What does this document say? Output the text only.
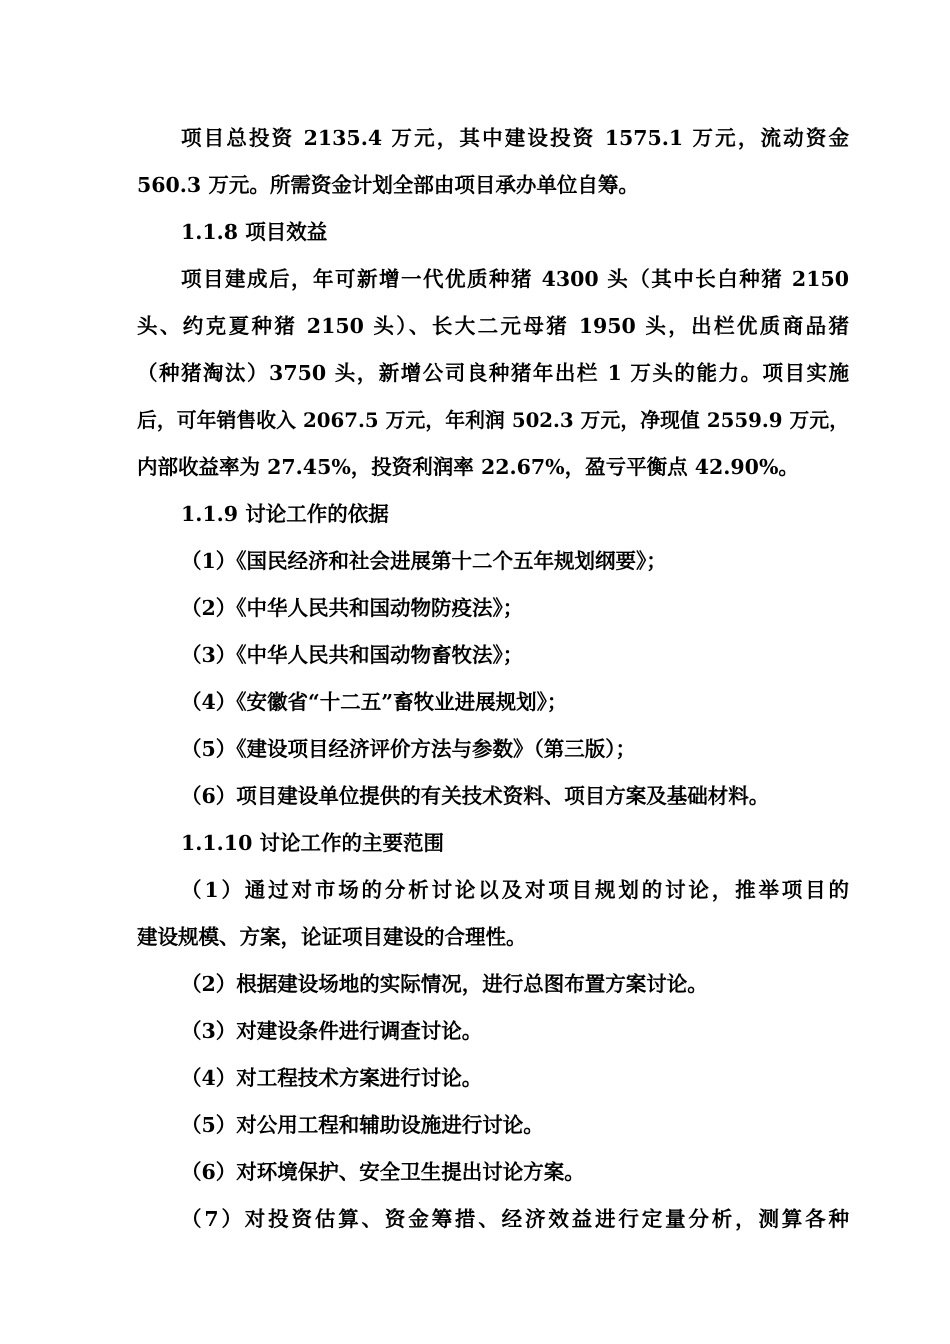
项目总投资 2135.4 万元，其中建设投资 1575.1 万元，流动资金
560.3 万元。所需资金计划全部由项目承办单位自筹。
1.1.8 项目效益
项目建成后，年可新增一代优质种猪 4300 头（其中长白种猪 2150
头、约克夏种猪 2150 头）、长大二元母猪 1950 头，出栏优质商品猪
（种猪淘汰）3750 头，新增公司良种猪年出栏 1 万头的能力。项目实施
后，可年销售收入 2067.5 万元，年利润 502.3 万元，净现值 2559.9 万元，
内部收益率为 27.45%，投资利润率 22.67%，盈亏平衡点 42.90%。
1.1.9 讨论工作的依据
（1）《国民经济和社会进展第十二个五年规划纲要》；
（2）《中华人民共和国动物防疫法》；
（3）《中华人民共和国动物畜牧法》；
（4）《安徽省“十二五”畜牧业进展规划》；
（5）《建设项目经济评价方法与参数》（第三版）；
（6）项目建设单位提供的有关技术资料、项目方案及基础材料。
1.1.10 讨论工作的主要范围
（1）通过对市场的分析讨论以及对项目规划的讨论，推举项目的
建设规模、方案，论证项目建设的合理性。
（2）根据建设场地的实际情况，进行总图布置方案讨论。
（3）对建设条件进行调查讨论。
（4）对工程技术方案进行讨论。
（5）对公用工程和辅助设施进行讨论。
（6）对环境保护、安全卫生提出讨论方案。
（7）对投资估算、资金筹措、经济效益进行定量分析，测算各种
